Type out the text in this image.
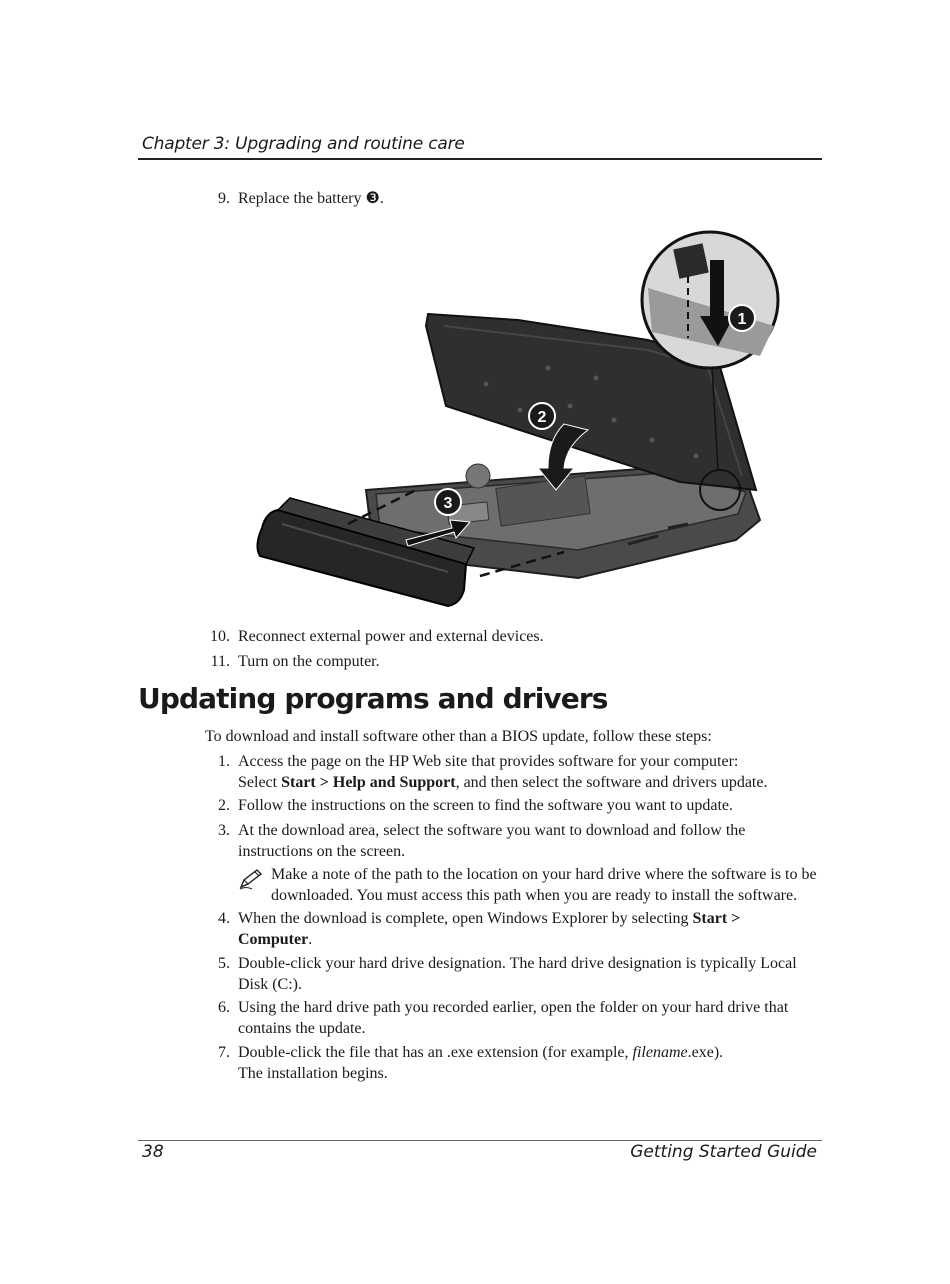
Chapter 3: Upgrading and routine care
9. Replace the battery ❸.
2
3
1
10. Reconnect external power and external devices.
11. Turn on the computer.
Updating programs and drivers
To download and install software other than a BIOS update, follow these steps:
1. Access the page on the HP Web site that provides software for your computer:
Select Start > Help and Support, and then select the software and drivers update.
2. Follow the instructions on the screen to find the software you want to update.
3. At the download area, select the software you want to download and follow the
instructions on the screen.
Make a note of the path to the location on your hard drive where the software is to be
downloaded. You must access this path when you are ready to install the software.
4. When the download is complete, open Windows Explorer by selecting Start >
Computer.
5. Double-click your hard drive designation. The hard drive designation is typically Local
Disk (C:).
6. Using the hard drive path you recorded earlier, open the folder on your hard drive that
contains the update.
7. Double-click the file that has an .exe extension (for example, filename.exe).
The installation begins.
38	Getting Started Guide
